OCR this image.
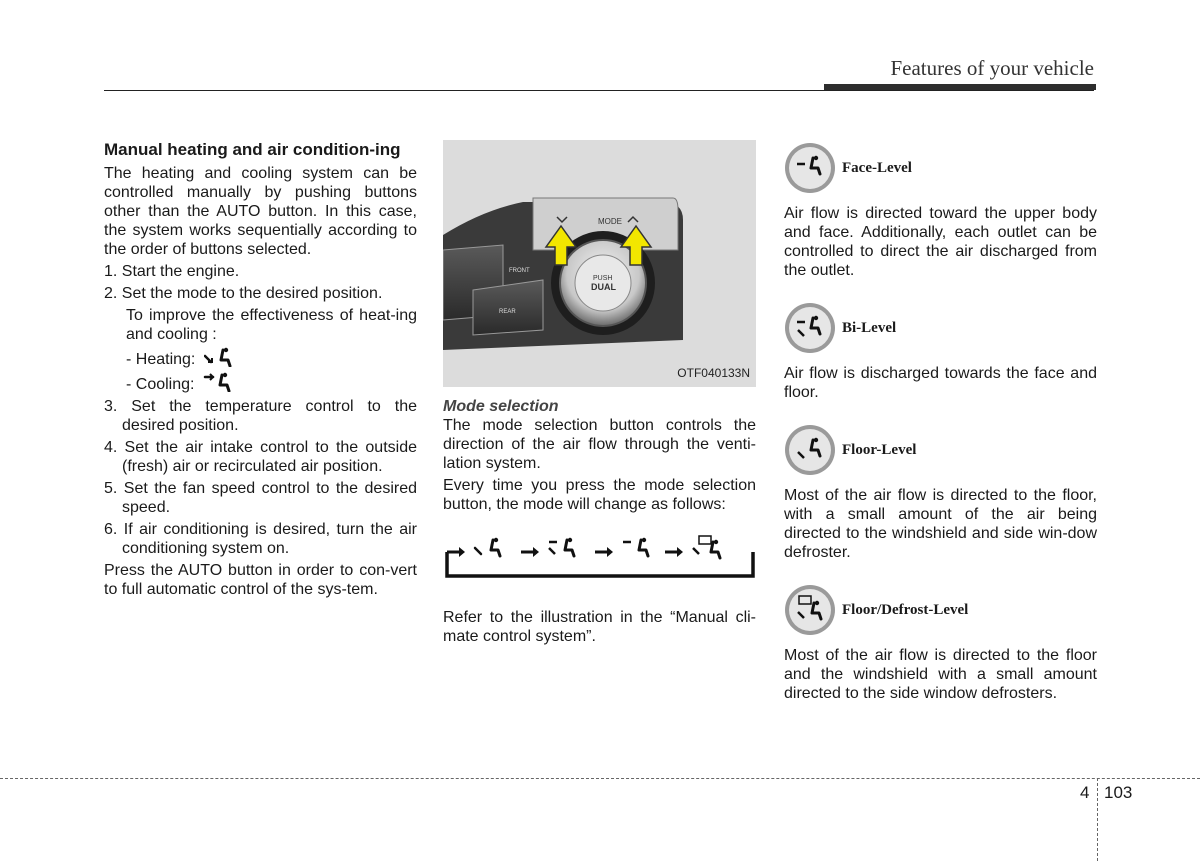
Features of your vehicle
Manual heating and air condition-ing

The heating and cooling system can be controlled manually by pushing buttons other than the AUTO button. In this case, the system works sequentially according to the order of buttons selected.

1. Start the engine.

2. Set the mode to the desired position.

To improve the effectiveness of heat-ing and cooling :

- Heating:
- Cooling:

3. Set the temperature control to the desired position.

4. Set the air intake control to the outside (fresh) air or recirculated air position.

5. Set the fan speed control to the desired speed.

6. If air conditioning is desired, turn the air conditioning system on.

Press the AUTO button in order to con-vert to full automatic control of the sys-tem.

MODE
PUSH
DUAL
FRONT
REAR
OTF040133N
Mode selection

The mode selection button controls the direction of the air flow through the venti-lation system.

Every time you press the mode selection button, the mode will change as follows:

Refer to the illustration in the “Manual cli-mate control system”.

Face-Level

Air flow is directed toward the upper body and face. Additionally, each outlet can be controlled to direct the air discharged from the outlet.

Bi-Level

Air flow is discharged towards the face and floor.

Floor-Level

Most of the air flow is directed to the floor, with a small amount of the air being directed to the windshield and side win-dow defroster.

Floor/Defrost-Level

Most of the air flow is directed to the floor and the windshield with a small amount directed to the side window defrosters.

4 103
